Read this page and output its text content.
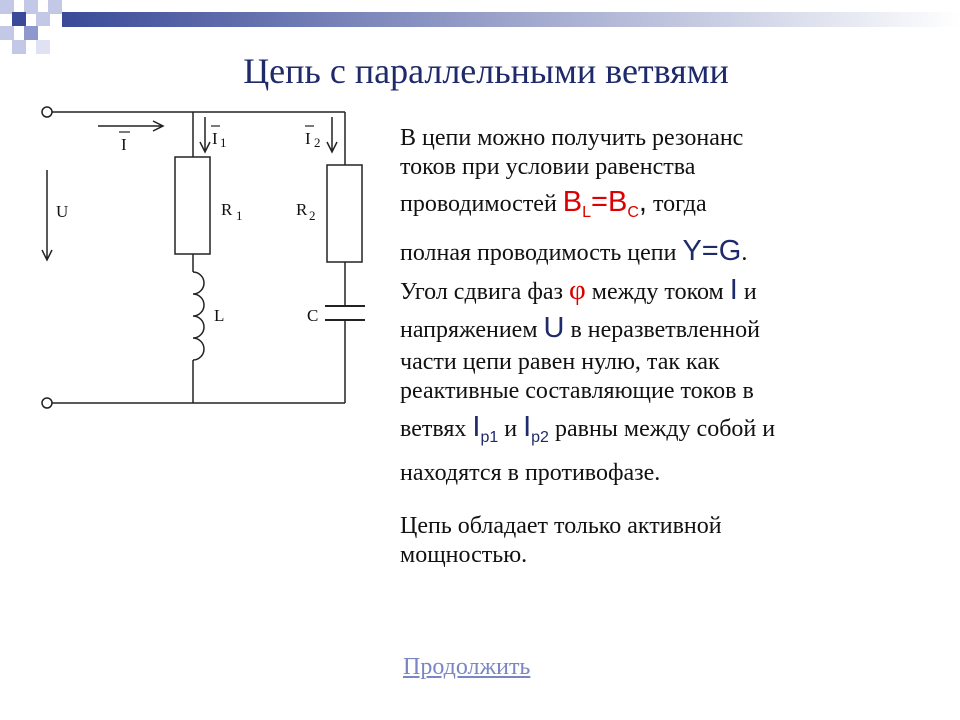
Цепь с параллельными ветвями
I	I 1	I 2
U	R 1	R 2
L	C
В цепи можно получить резонанс
токов при условии равенства
проводимостей $B_L=B_C$, тогда
полная проводимость цепи Y=G.
Угол сдвига фаз φ между током I и
напряжением U в неразветвленной
части цепи равен нулю, так как
реактивные составляющие токов в
ветвях $I_{p1}$ и $I_{p2}$ равны между собой и
находятся в противофазе.
Цепь обладает только активной
мощностью.
Продолжить
